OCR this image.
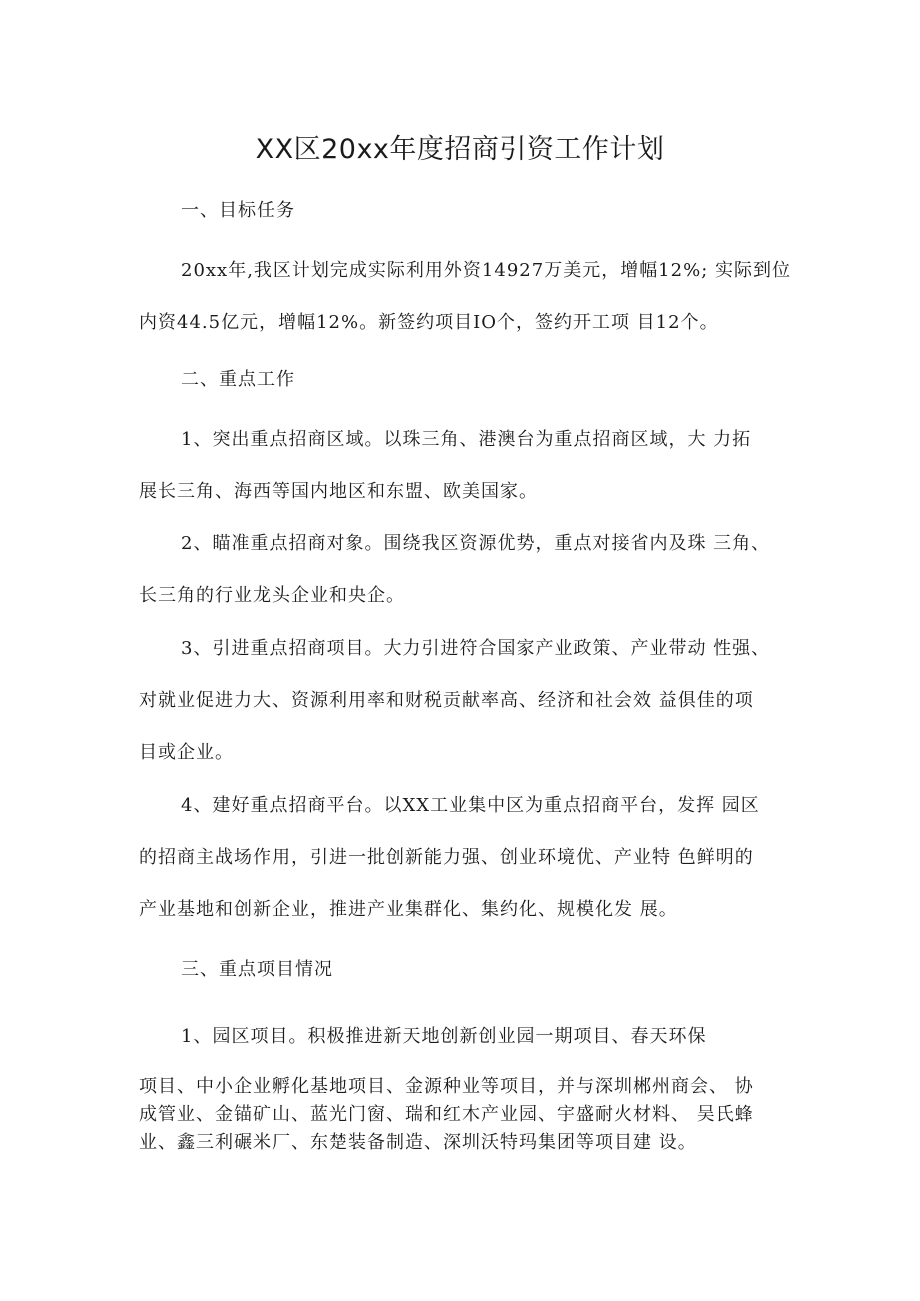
XX区20xx年度招商引资工作计划

一、目标任务

20xx年,我区计划完成实际利用外资14927万美元，增幅12%; 实际到位
内资44.5亿元，增幅12%。新签约项目IO个，签约开工项 目12个。

二、重点工作

1、突出重点招商区域。以珠三角、港澳台为重点招商区域，大 力拓
展长三角、海西等国内地区和东盟、欧美国家。
2、瞄准重点招商对象。围绕我区资源优势，重点对接省内及珠 三角、
长三角的行业龙头企业和央企。
3、引进重点招商项目。大力引进符合国家产业政策、产业带动 性强、
对就业促进力大、资源利用率和财税贡献率高、经济和社会效 益俱佳的项
目或企业。
4、建好重点招商平台。以XX工业集中区为重点招商平台，发挥 园区
的招商主战场作用，引进一批创新能力强、创业环境优、产业特 色鲜明的
产业基地和创新企业，推进产业集群化、集约化、规模化发 展。

三、重点项目情况

1、园区项目。积极推进新天地创新创业园一期项目、春天环保
项目、中小企业孵化基地项目、金源种业等项目，并与深圳郴州商会、 协
成管业、金锚矿山、蓝光门窗、瑞和红木产业园、宇盛耐火材料、 吴氏蜂
业、鑫三利碾米厂、东楚装备制造、深圳沃特玛集团等项目建 设。
